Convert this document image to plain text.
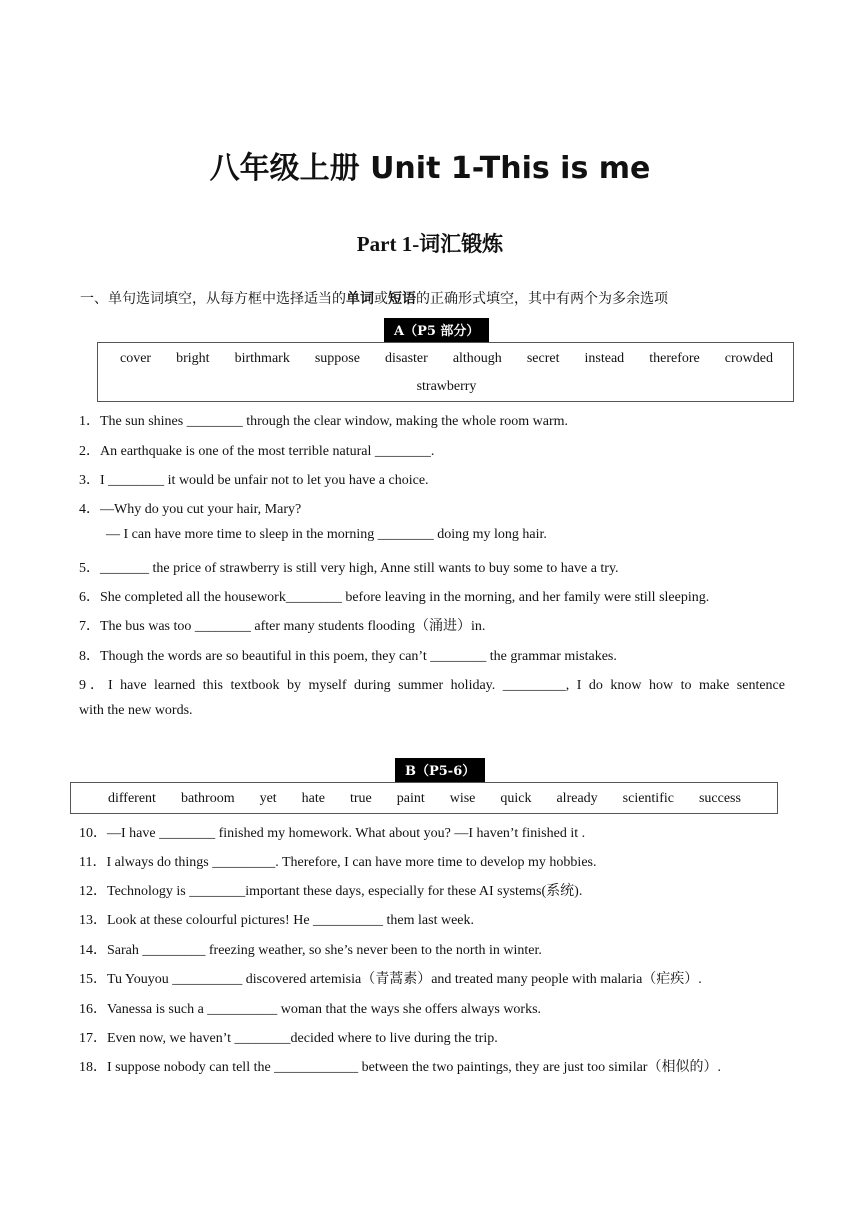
八年级上册 Unit 1-This is me
Part 1-词汇锻炼
一、单句选词填空，从每方框中选择适当的单词或短语的正确形式填空，其中有两个为多余选项
A（P5 部分）
cover bright birthmark suppose disaster although secret instead therefore crowded
strawberry
1．The sun shines ________ through the clear window, making the whole room warm.
2．An earthquake is one of the most terrible natural ________.
3．I ________ it would be unfair not to let you have a choice.
4．—Why do you cut your hair, Mary?
— I can have more time to sleep in the morning ________ doing my long hair.
5．_______ the price of strawberry is still very high, Anne still wants to buy some to have a try.
6．She completed all the housework________ before leaving in the morning, and her family were still sleeping.
7．The bus was too ________ after many students flooding（涌进）in.
8．Though the words are so beautiful in this poem, they can’t ________ the grammar mistakes.
9．I have learned this textbook by myself during summer holiday. _________, I do know how to make sentence
with the new words.
B（P5-6）
different bathroom yet hate true paint wise quick already scientific success
10．—I have ________ finished my homework. What about you? —I haven’t finished it .
11．I always do things _________. Therefore, I can have more time to develop my hobbies.
12．Technology is ________important these days, especially for these AI systems(系统).
13．Look at these colourful pictures! He __________ them last week.
14．Sarah _________ freezing weather, so she’s never been to the north in winter.
15．Tu Youyou __________ discovered artemisia（青蒿素）and treated many people with malaria（疟疾）.
16．Vanessa is such a __________ woman that the ways she offers always works.
17．Even now, we haven’t ________decided where to live during the trip.
18．I suppose nobody can tell the ____________ between the two paintings, they are just too similar（相似的）.
